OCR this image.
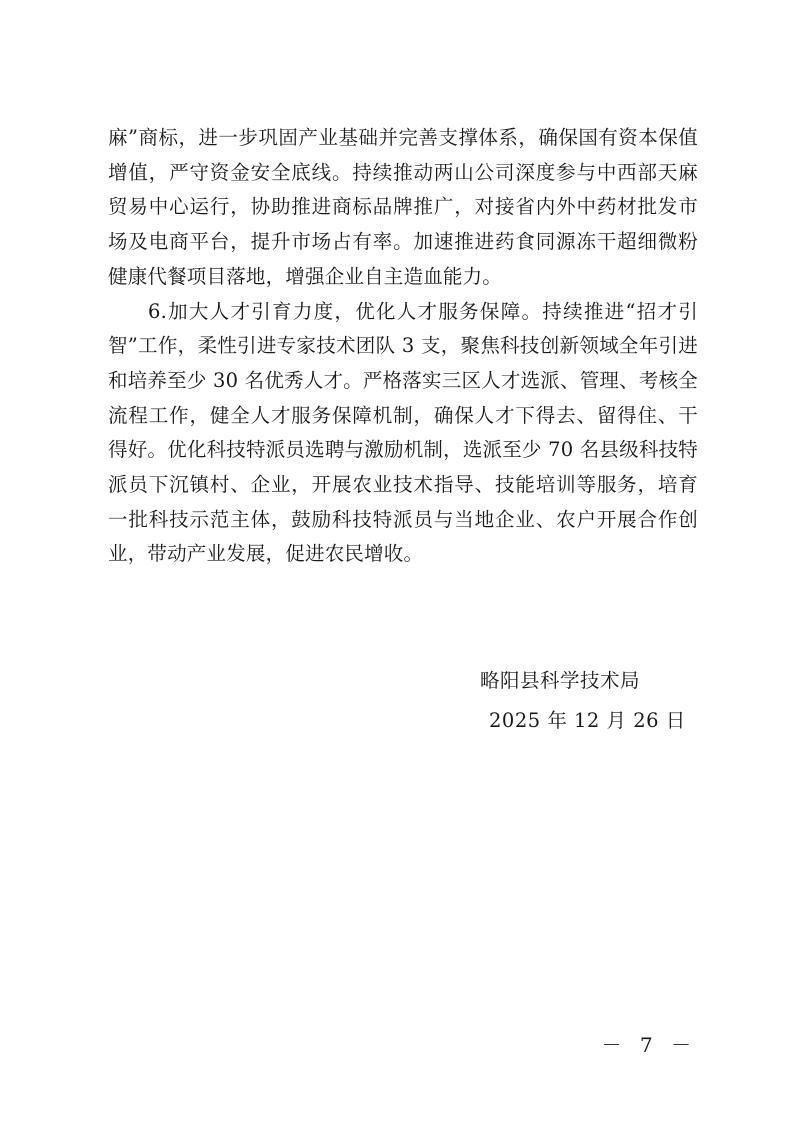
麻”商标，进一步巩固产业基础并完善支撑体系，确保国有资本保值增值，严守资金安全底线。持续推动两山公司深度参与中西部天麻贸易中心运行，协助推进商标品牌推广，对接省内外中药材批发市场及电商平台，提升市场占有率。加速推进药食同源冻干超细微粉健康代餐项目落地，增强企业自主造血能力。

6.加大人才引育力度，优化人才服务保障。持续推进“招才引智”工作，柔性引进专家技术团队 3 支，聚焦科技创新领域全年引进和培养至少 30 名优秀人才。严格落实三区人才选派、管理、考核全流程工作，健全人才服务保障机制，确保人才下得去、留得住、干得好。优化科技特派员选聘与激励机制，选派至少 70 名县级科技特派员下沉镇村、企业，开展农业技术指导、技能培训等服务，培育一批科技示范主体，鼓励科技特派员与当地企业、农户开展合作创业，带动产业发展，促进农民增收。

略阳县科学技术局
2025 年 12 月 26 日
－ 7 －
